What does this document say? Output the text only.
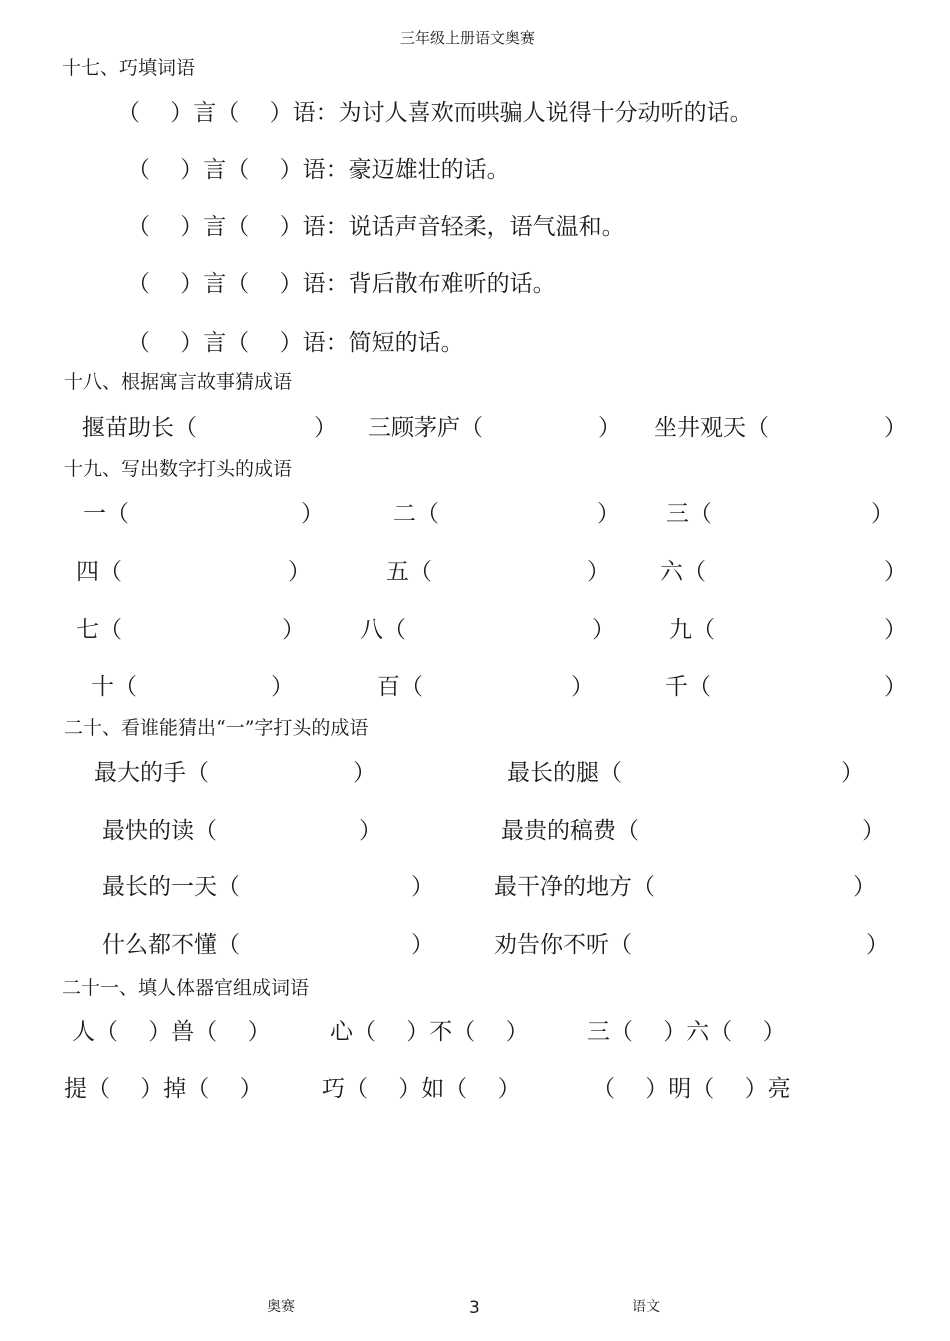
三年级上册语文奥赛
十七、巧填词语
（　 ）言（　 ）语：为讨人喜欢而哄骗人说得十分动听的话。
（　 ）言（　 ）语：豪迈雄壮的话。
（　 ）言（　 ）语：说话声音轻柔，语气温和。
（　 ）言（　 ）语：背后散布难听的话。
（　 ）言（　 ）语：简短的话。
十八、根据寓言故事猜成语
揠苗助长（	） 三顾茅庐（	） 坐井观天（	）
十九、写出数字打头的成语
一（	）	二（	） 三（	）
四（	）	五（	） 六（	）
七（	） 八（	） 九（	）
十（	）	百（	）	千（	）
二十、看谁能猜出“一”字打头的成语
最大的手（	）	最长的腿（	）
最快的读（	）	最贵的稿费（	）
最长的一天（	）	最干净的地方（	）
什么都不懂（	）	劝告你不听（	）
二十一、填人体器官组成词语
人（　 ）兽（　 ）	心（　 ）不（　 ）	三（　 ）六（　 ）
提（　 ）掉（　 ）	巧（　 ）如（　 ）	（　 ）明（　 ）亮
奥赛	3	语文
